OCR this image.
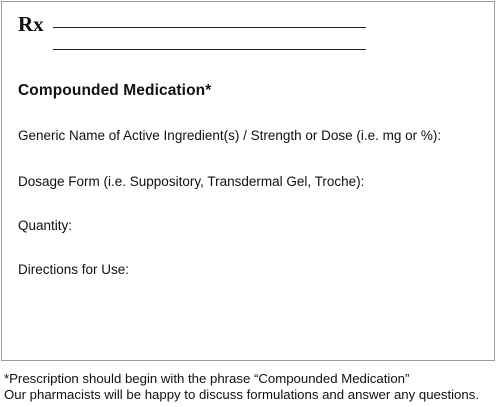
Rx
Compounded Medication*
Generic Name of Active Ingredient(s) / Strength or Dose (i.e. mg or %):
Dosage Form (i.e. Suppository, Transdermal Gel, Troche):
Quantity:
Directions for Use:
*Prescription should begin with the phrase “Compounded Medication”
Our pharmacists will be happy to discuss formulations and answer any questions.
